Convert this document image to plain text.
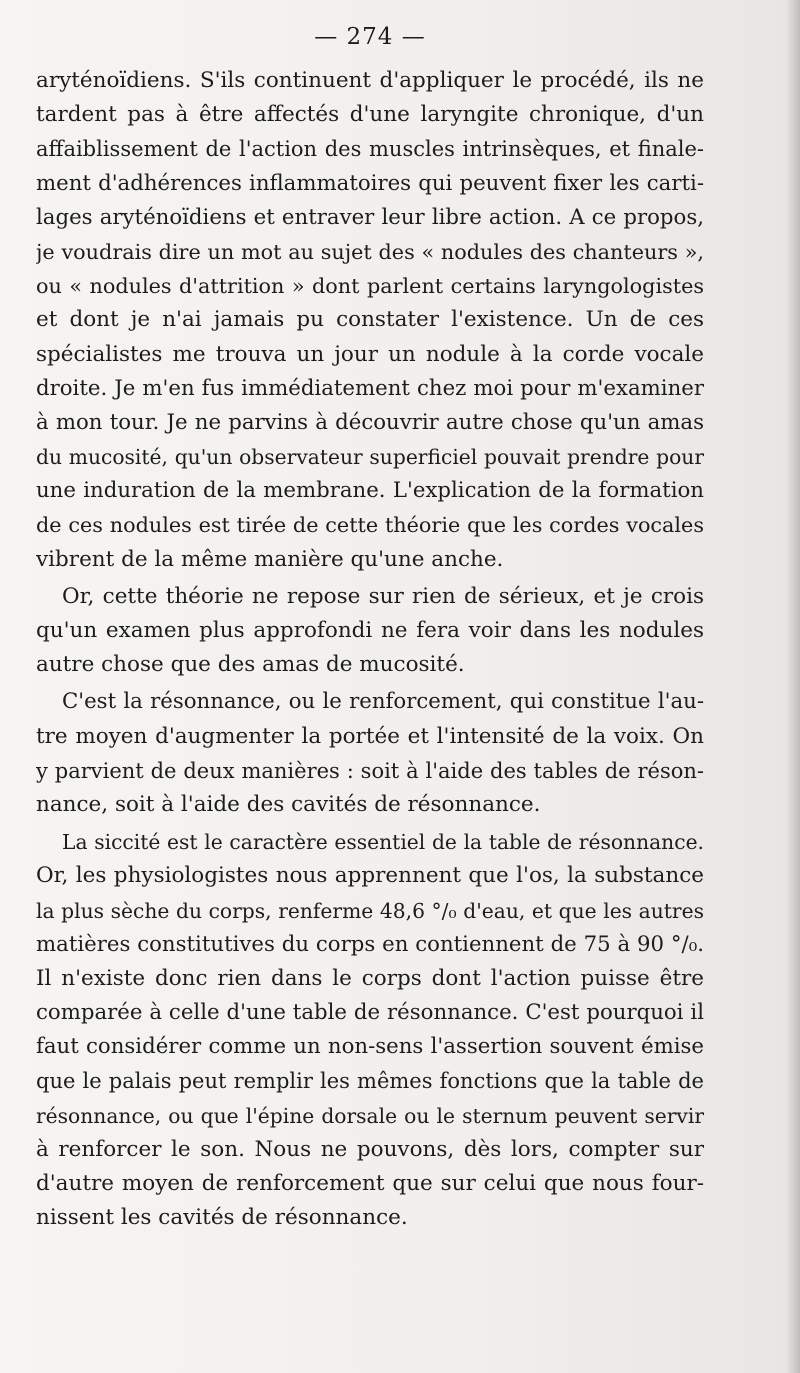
— 274 —
aryténoïdiens. S'ils continuent d'appliquer le procédé, ils ne
tardent pas à être affectés d'une laryngite chronique, d'un
affaiblissement de l'action des muscles intrinsèques, et finale-
ment d'adhérences inflammatoires qui peuvent fixer les carti-
lages aryténoïdiens et entraver leur libre action. A ce propos,
je voudrais dire un mot au sujet des « nodules des chanteurs »,
ou « nodules d'attrition » dont parlent certains laryngologistes
et dont je n'ai jamais pu constater l'existence. Un de ces
spécialistes me trouva un jour un nodule à la corde vocale
droite. Je m'en fus immédiatement chez moi pour m'examiner
à mon tour. Je ne parvins à découvrir autre chose qu'un amas
du mucosité, qu'un observateur superficiel pouvait prendre pour
une induration de la membrane. L'explication de la formation
de ces nodules est tirée de cette théorie que les cordes vocales
vibrent de la même manière qu'une anche.
Or, cette théorie ne repose sur rien de sérieux, et je crois
qu'un examen plus approfondi ne fera voir dans les nodules
autre chose que des amas de mucosité.
C'est la résonnance, ou le renforcement, qui constitue l'au-
tre moyen d'augmenter la portée et l'intensité de la voix. On
y parvient de deux manières : soit à l'aide des tables de réson-
nance, soit à l'aide des cavités de résonnance.
La siccité est le caractère essentiel de la table de résonnance.
Or, les physiologistes nous apprennent que l'os, la substance
la plus sèche du corps, renferme 48,6 °/₀ d'eau, et que les autres
matières constitutives du corps en contiennent de 75 à 90 °/₀.
Il n'existe donc rien dans le corps dont l'action puisse être
comparée à celle d'une table de résonnance. C'est pourquoi il
faut considérer comme un non-sens l'assertion souvent émise
que le palais peut remplir les mêmes fonctions que la table de
résonnance, ou que l'épine dorsale ou le sternum peuvent servir
à renforcer le son. Nous ne pouvons, dès lors, compter sur
d'autre moyen de renforcement que sur celui que nous four-
nissent les cavités de résonnance.
